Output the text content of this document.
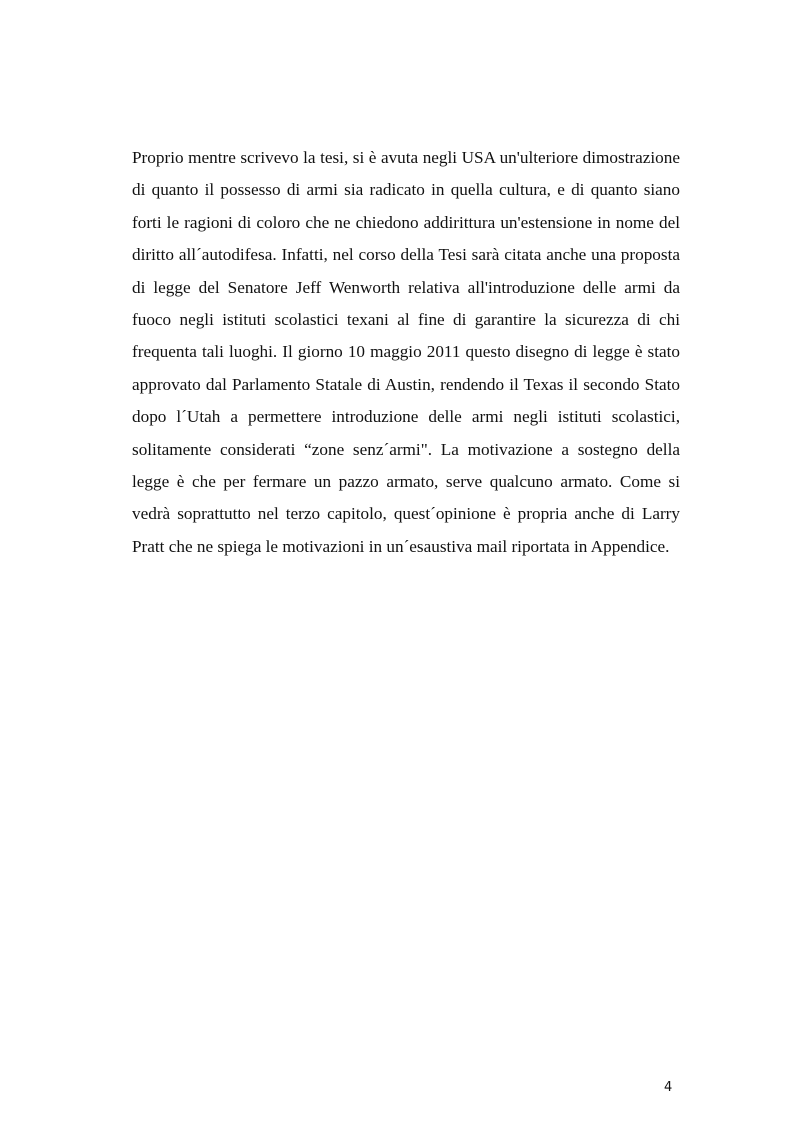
Proprio mentre scrivevo la tesi, si è avuta negli USA un'ulteriore dimostrazione di quanto il possesso di armi sia radicato in quella cultura, e di quanto siano forti le ragioni di coloro che ne chiedono addirittura un'estensione in nome del diritto all´autodifesa. Infatti, nel corso della Tesi sarà citata anche una proposta di legge del Senatore Jeff Wenworth relativa all'introduzione delle armi da fuoco negli istituti scolastici texani al fine di garantire la sicurezza di chi frequenta tali luoghi. Il giorno 10 maggio 2011 questo disegno di legge è stato approvato dal Parlamento Statale di Austin, rendendo il Texas il secondo Stato dopo l´Utah a permettere introduzione delle armi negli istituti scolastici, solitamente considerati “zone senz´armi". La motivazione a sostegno della legge è che per fermare un pazzo armato, serve qualcuno armato. Come si vedrà soprattutto nel terzo capitolo, quest´opinione è propria anche di Larry Pratt che ne spiega le motivazioni in un´esaustiva mail riportata in Appendice.

4
